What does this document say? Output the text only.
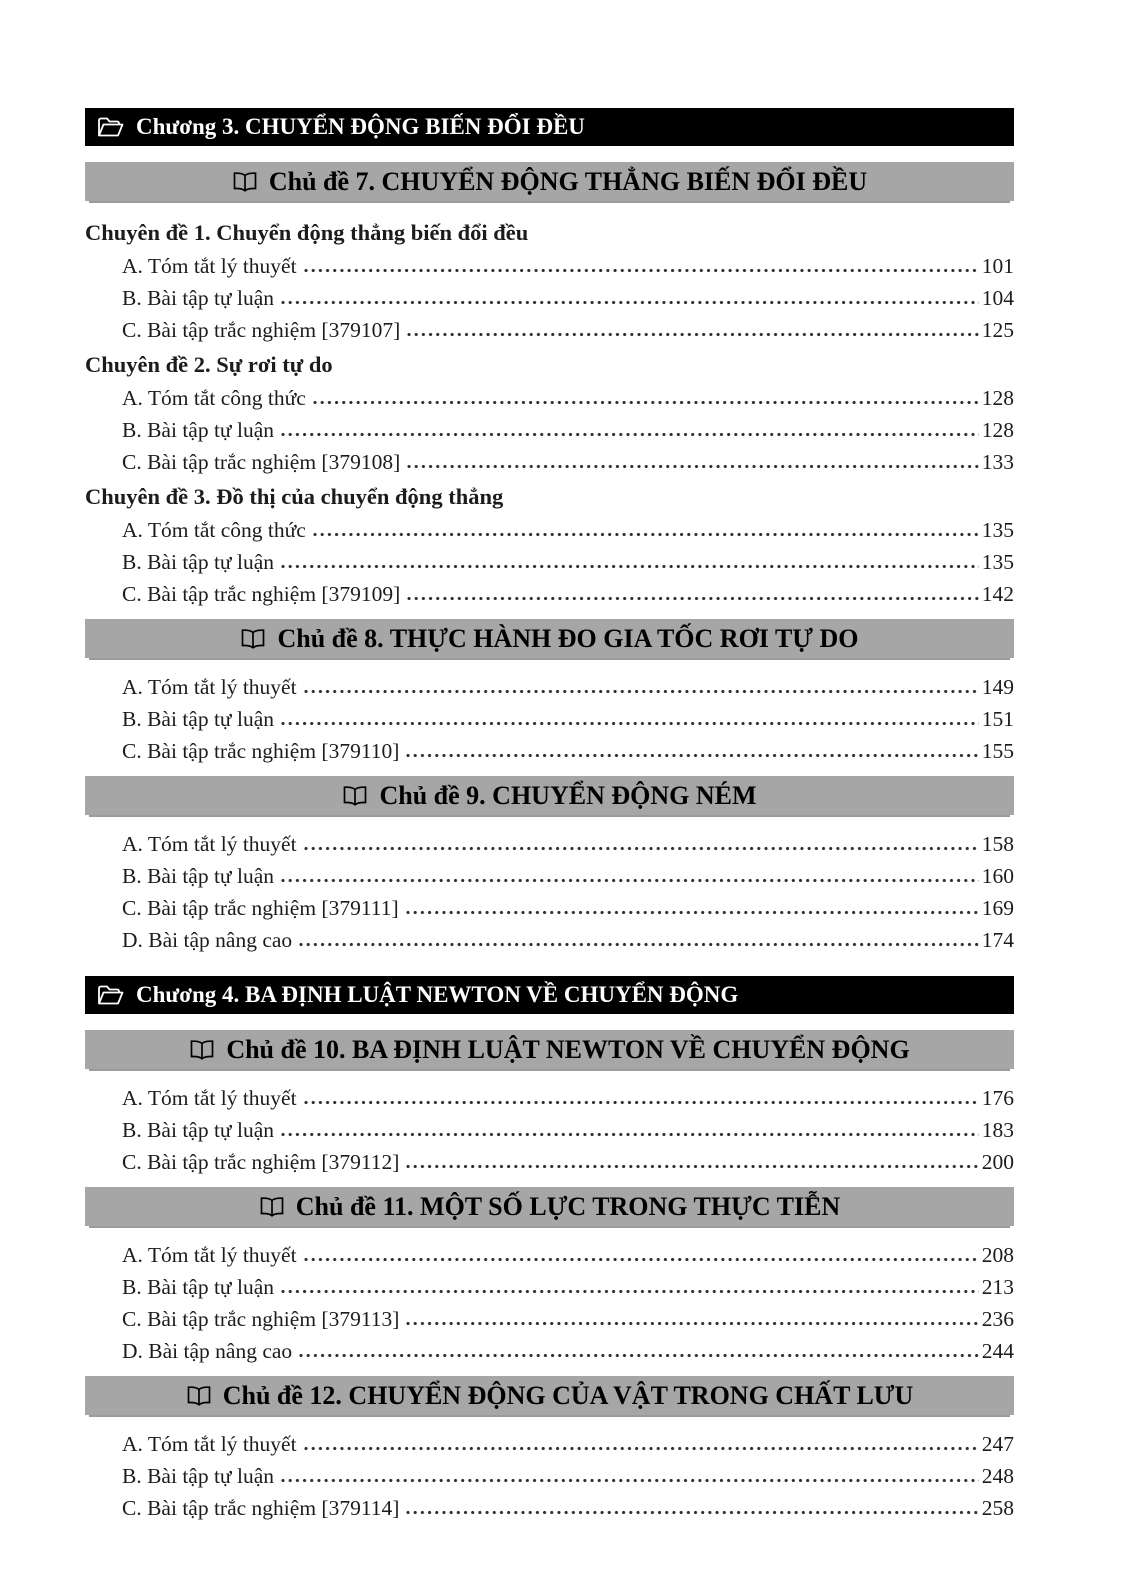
Chương 3. CHUYỂN ĐỘNG BIẾN ĐỔI ĐỀU
Chủ đề 7. CHUYỂN ĐỘNG THẲNG BIẾN ĐỔI ĐỀU
Chuyên đề 1. Chuyển động thẳng biến đổi đều
A. Tóm tắt lý thuyết	101
B. Bài tập tự luận	104
C. Bài tập trắc nghiệm [379107]	125
Chuyên đề 2. Sự rơi tự do
A. Tóm tắt công thức	128
B. Bài tập tự luận	128
C. Bài tập trắc nghiệm [379108]	133
Chuyên đề 3. Đồ thị của chuyển động thẳng
A. Tóm tắt công thức	135
B. Bài tập tự luận	135
C. Bài tập trắc nghiệm [379109]	142
Chủ đề 8. THỰC HÀNH ĐO GIA TỐC RƠI TỰ DO
A. Tóm tắt lý thuyết	149
B. Bài tập tự luận	151
C. Bài tập trắc nghiệm [379110]	155
Chủ đề 9. CHUYỂN ĐỘNG NÉM
A. Tóm tắt lý thuyết	158
B. Bài tập tự luận	160
C. Bài tập trắc nghiệm [379111]	169
D. Bài tập nâng cao	174
Chương 4. BA ĐỊNH LUẬT NEWTON VỀ CHUYỂN ĐỘNG
Chủ đề 10. BA ĐỊNH LUẬT NEWTON VỀ CHUYỂN ĐỘNG
A. Tóm tắt lý thuyết	176
B. Bài tập tự luận	183
C. Bài tập trắc nghiệm [379112]	200
Chủ đề 11. MỘT SỐ LỰC TRONG THỰC TIỄN
A. Tóm tắt lý thuyết	208
B. Bài tập tự luận	213
C. Bài tập trắc nghiệm [379113]	236
D. Bài tập nâng cao	244
Chủ đề 12. CHUYỂN ĐỘNG CỦA VẬT TRONG CHẤT LƯU
A. Tóm tắt lý thuyết	247
B. Bài tập tự luận	248
C. Bài tập trắc nghiệm [379114]	258
